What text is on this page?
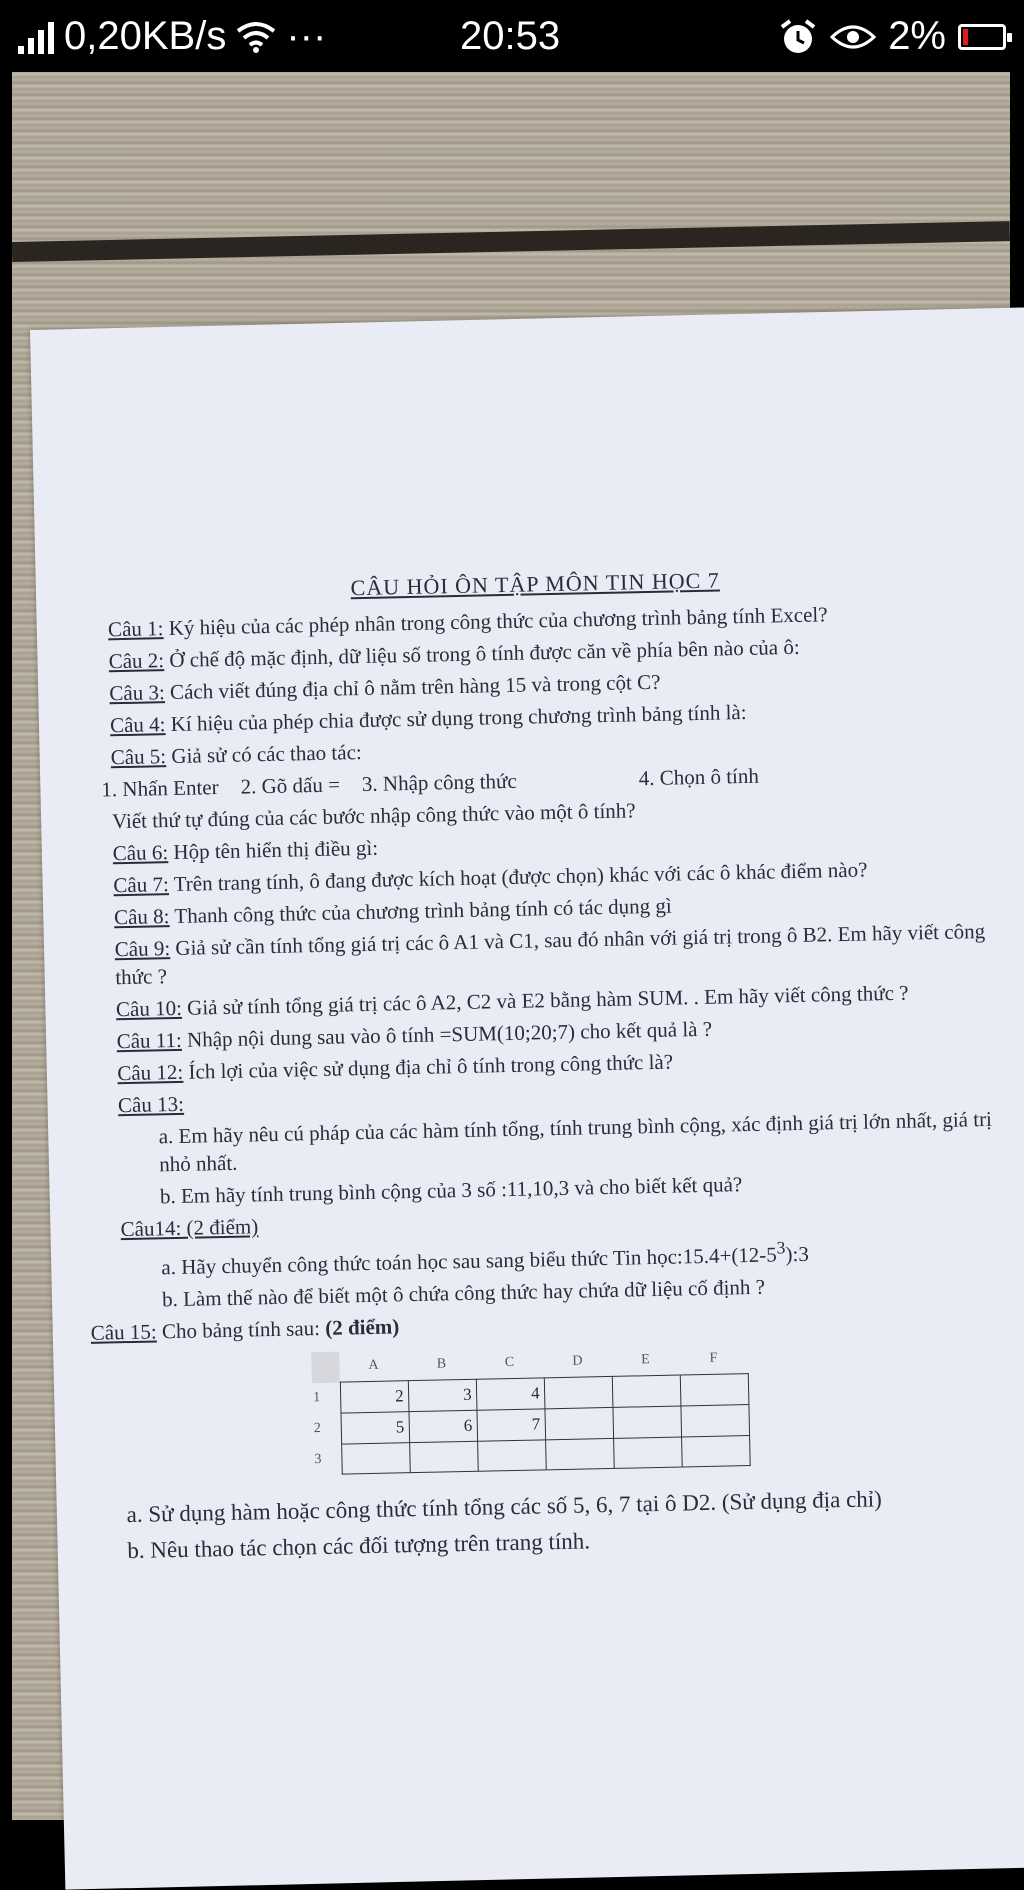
0,20KB/s ···	20:53	2%
CÂU HỎI ÔN TẬP MÔN TIN HỌC 7
Câu 1: Ký hiệu của các phép nhân trong công thức của chương trình bảng tính Excel?
Câu 2: Ở chế độ mặc định, dữ liệu số trong ô tính được căn về phía bên nào của ô:
Câu 3: Cách viết đúng địa chỉ ô nằm trên hàng 15 và trong cột C?
Câu 4: Kí hiệu của phép chia được sử dụng trong chương trình bảng tính là:
Câu 5: Giả sử có các thao tác:
1. Nhấn Enter 2. Gõ dấu = 3. Nhập công thức	4. Chọn ô tính
Viết thứ tự đúng của các bước nhập công thức vào một ô tính?
Câu 6: Hộp tên hiển thị điều gì:
Câu 7: Trên trang tính, ô đang được kích hoạt (được chọn) khác với các ô khác điểm nào?
Câu 8: Thanh công thức của chương trình bảng tính có tác dụng gì
Câu 9: Giả sử cần tính tổng giá trị các ô A1 và C1, sau đó nhân với giá trị trong ô B2. Em hãy viết công thức ?
Câu 10: Giả sử tính tổng giá trị các ô A2, C2 và E2 bằng hàm SUM. . Em hãy viết công thức ?
Câu 11: Nhập nội dung sau vào ô tính =SUM(10;20;7) cho kết quả là ?
Câu 12: Ích lợi của việc sử dụng địa chỉ ô tính trong công thức là?
Câu 13:
a. Em hãy nêu cú pháp của các hàm tính tổng, tính trung bình cộng, xác định giá trị lớn nhất, giá trị nhỏ nhất.
b. Em hãy tính trung bình cộng của 3 số :11,10,3 và cho biết kết quả?
Câu14: (2 điểm)
a. Hãy chuyển công thức toán học sau sang biểu thức Tin $học:15.4+(12-5^3):3$
b. Làm thế nào để biết một ô chứa công thức hay chứa dữ liệu cố định ?
Câu 15: Cho bảng tính sau: (2 điểm)
	A	B	C	D	E	F
1	2	3	4			
2	5	6	7			
3						
a. Sử dụng hàm hoặc công thức tính tổng các số 5, 6, 7 tại ô D2. (Sử dụng địa chỉ)
b. Nêu thao tác chọn các đối tượng trên trang tính.
